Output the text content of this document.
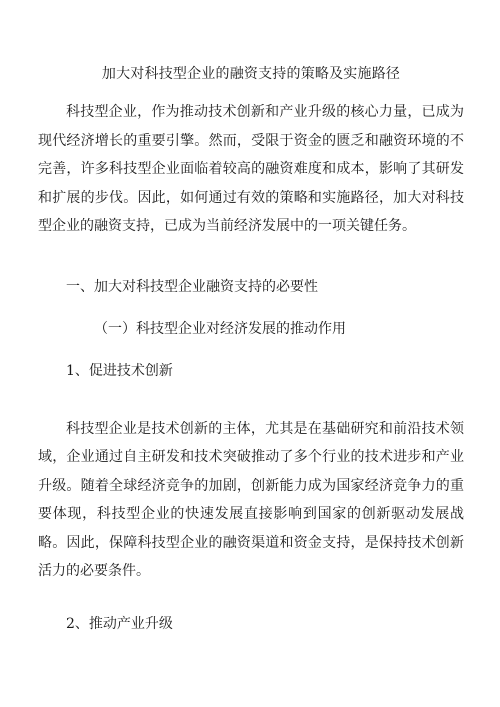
加大对科技型企业的融资支持的策略及实施路径

科技型企业，作为推动技术创新和产业升级的核心力量，已成为现代经济增长的重要引擎。然而，受限于资金的匮乏和融资环境的不完善，许多科技型企业面临着较高的融资难度和成本，影响了其研发和扩展的步伐。因此，如何通过有效的策略和实施路径，加大对科技型企业的融资支持，已成为当前经济发展中的一项关键任务。

一、加大对科技型企业融资支持的必要性
（一）科技型企业对经济发展的推动作用
1、促进技术创新

科技型企业是技术创新的主体，尤其是在基础研究和前沿技术领域，企业通过自主研发和技术突破推动了多个行业的技术进步和产业升级。随着全球经济竞争的加剧，创新能力成为国家经济竞争力的重要体现，科技型企业的快速发展直接影响到国家的创新驱动发展战略。因此，保障科技型企业的融资渠道和资金支持，是保持技术创新活力的必要条件。

2、推动产业升级
